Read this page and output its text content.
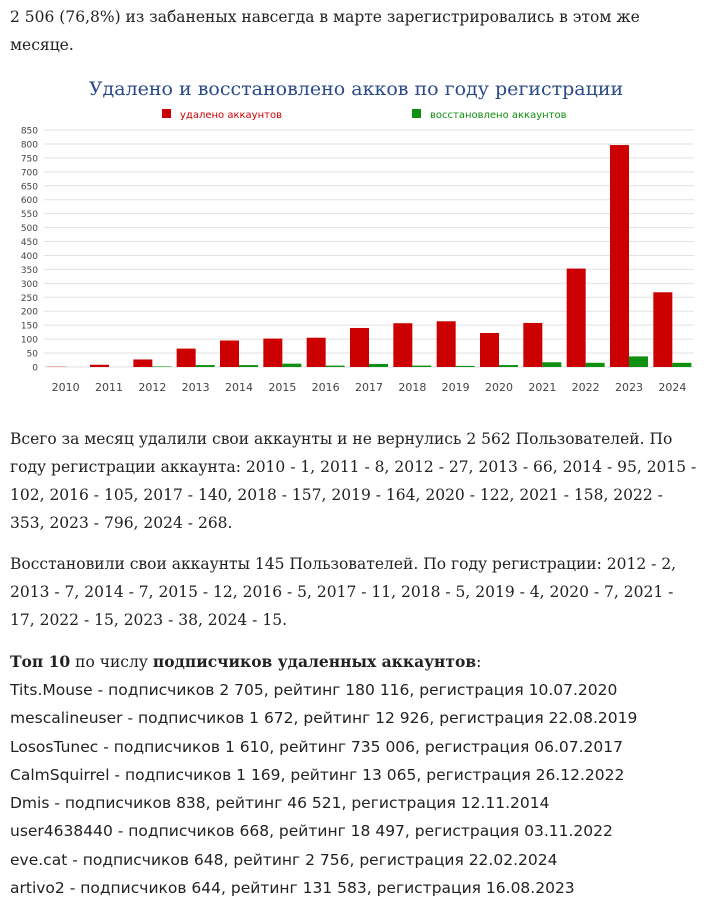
2 506 (76,8%) из забаненых навсегда в марте зарегистрировались в этом же месяце.

Удалено и восстановлено акков по году регистрации
удалено аккаунтов	восстановлено аккаунтов
0
50
100
150
200
250
300
350
400
450
500
550
600
650
700
750
800
850
2010 2011 2012 2013 2014 2015 2016 2017 2018 2019 2020 2021 2022 2023 2024

Всего за месяц удалили свои аккаунты и не вернулись 2 562 Пользователей. По году регистрации аккаунта: 2010 - 1, 2011 - 8, 2012 - 27, 2013 - 66, 2014 - 95, 2015 - 102, 2016 - 105, 2017 - 140, 2018 - 157, 2019 - 164, 2020 - 122, 2021 - 158, 2022 - 353, 2023 - 796, 2024 - 268.

Восстановили свои аккаунты 145 Пользователей. По году регистрации: 2012 - 2, 2013 - 7, 2014 - 7, 2015 - 12, 2016 - 5, 2017 - 11, 2018 - 5, 2019 - 4, 2020 - 7, 2021 - 17, 2022 - 15, 2023 - 38, 2024 - 15.

Топ 10 по числу подписчиков удаленных аккаунтов:

Tits.Mouse - подписчиков 2 705, рейтинг 180 116, регистрация 10.07.2020
mescalineuser - подписчиков 1 672, рейтинг 12 926, регистрация 22.08.2019
LososTunec - подписчиков 1 610, рейтинг 735 006, регистрация 06.07.2017
CalmSquirrel - подписчиков 1 169, рейтинг 13 065, регистрация 26.12.2022
Dmis - подписчиков 838, рейтинг 46 521, регистрация 12.11.2014
user4638440 - подписчиков 668, рейтинг 18 497, регистрация 03.11.2022
eve.cat - подписчиков 648, рейтинг 2 756, регистрация 22.02.2024
artivo2 - подписчиков 644, рейтинг 131 583, регистрация 16.08.2023
